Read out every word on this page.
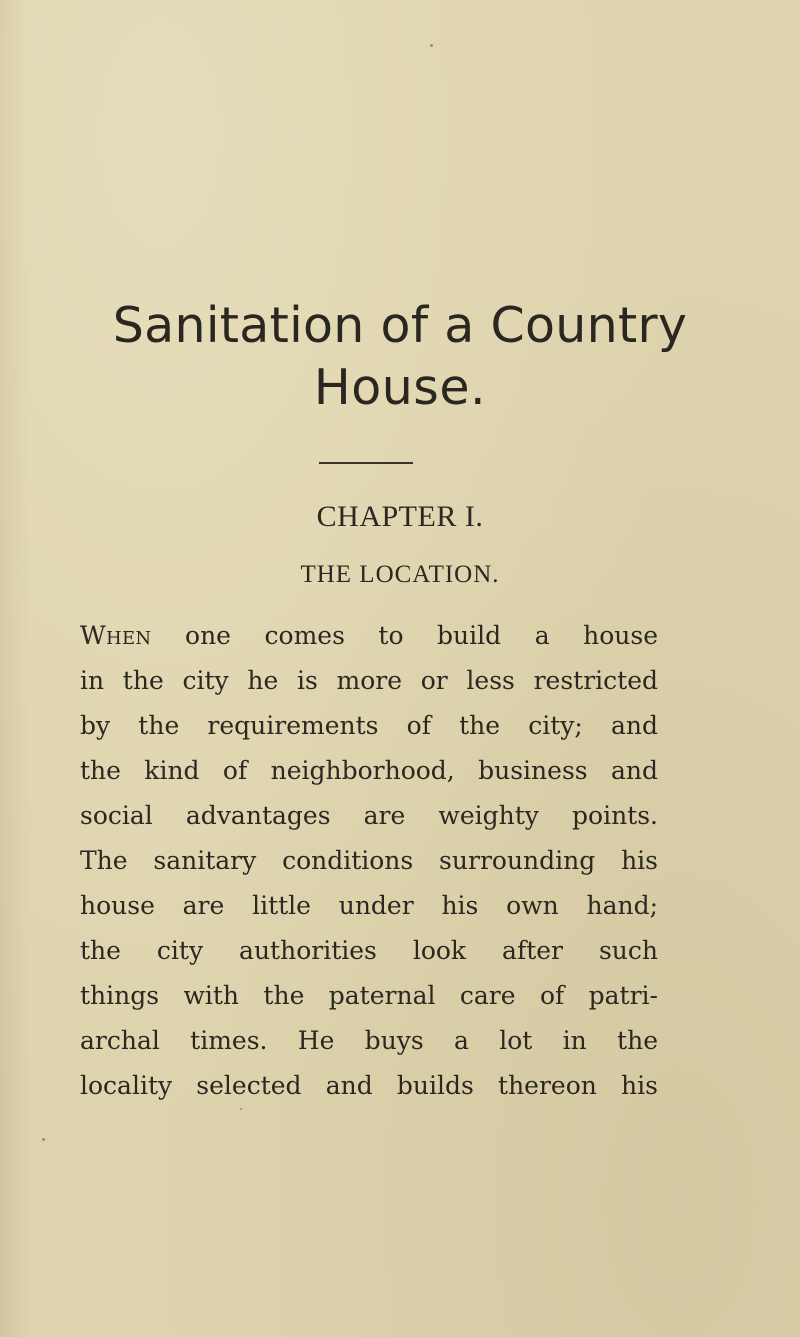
Sanitation of a Country
House.
CHAPTER I.
THE LOCATION.
When one comes to build a house
in the city he is more or less restricted
by the requirements of the city; and
the kind of neighborhood, business and
social advantages are weighty points.
The sanitary conditions surrounding his
house are little under his own hand;
the city authorities look after such
things with the paternal care of patri-
archal times. He buys a lot in the
locality selected and builds thereon his
